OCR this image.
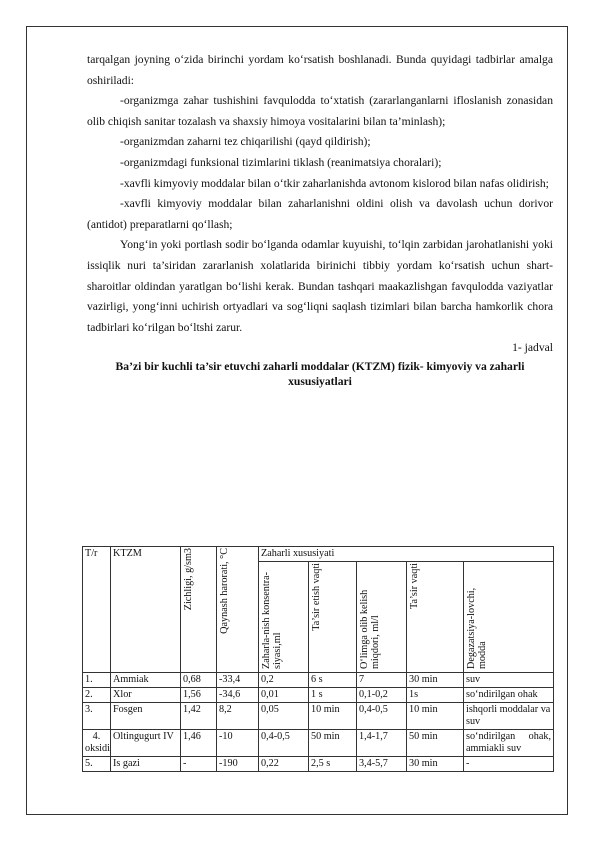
tarqalgan joyning o‘zida birinchi yordam ko‘rsatish boshlanadi. Bunda quyidagi tadbirlar amalga oshiriladi:

-organizmga zahar tushishini favqulodda to‘xtatish (zararlanganlarni ifloslanish zonasidan olib chiqish sanitar tozalash va shaxsiy himoya vositalarini bilan ta’minlash);

-organizmdan zaharni tez chiqarilishi (qayd qildirish);

-organizmdagi funksional tizimlarini tiklash (reanimatsiya choralari);

-xavfli kimyoviy moddalar bilan o‘tkir zaharlanishda avtonom kislorod bilan nafas olidirish;

-xavfli kimyoviy moddalar bilan zaharlanishni oldini olish va davolash uchun dorivor (antidot) preparatlarni qo‘llash;

Yong‘in yoki portlash sodir bo‘lganda odamlar kuyuishi, to‘lqin zarbidan jarohatlanishi yoki issiqlik nuri ta’siridan zararlanish xolatlarida birinichi tibbiy yordam ko‘rsatish uchun shart- sharoitlar oldindan yaratlgan bo‘lishi kerak. Bundan tashqari maakazlishgan favqulodda vaziyatlar vazirligi, yong‘inni uchirish ortyadlari va sog‘liqni saqlash tizimlari bilan barcha hamkorlik chora tadbirlari ko‘rilgan bo‘ltshi zarur.

1- jadval

Ba’zi bir kuchli ta’sir etuvchi zaharli moddalar (KTZM) fizik- kimyoviy va zaharli xususiyatlari

T/r	KTZM	Zichligi, g/sm3	Qaynash harorati, °C	Zaharli xususiyati				

				Zaharla-nish konsentra-siyasi,ml	Ta’sir etish vaqti	O‘limga olib kelish miqdori, ml/l	Ta’sir vaqti	Degazatsiya-lovchi, modda

1.	Ammiak	0,68	-33,4	0,2	6 s	7	30 min	suv
2.	Xlor	1,56	-34,6	0,01	1 s	0,1-0,2	1s	so‘ndirilgan ohak
3.	Fosgen	1,42	8,2	0,05	10 min	0,4-0,5	10 min	ishqorli moddalar va suv
4. oksidi	Oltingugurt IV	1,46	-10	0,4-0,5	50 min	1,4-1,7	50 min	so‘ndirilgan ohak, ammiakli suv
5.	Is gazi	-	-190	0,22	2,5 s	3,4-5,7	30 min	-
